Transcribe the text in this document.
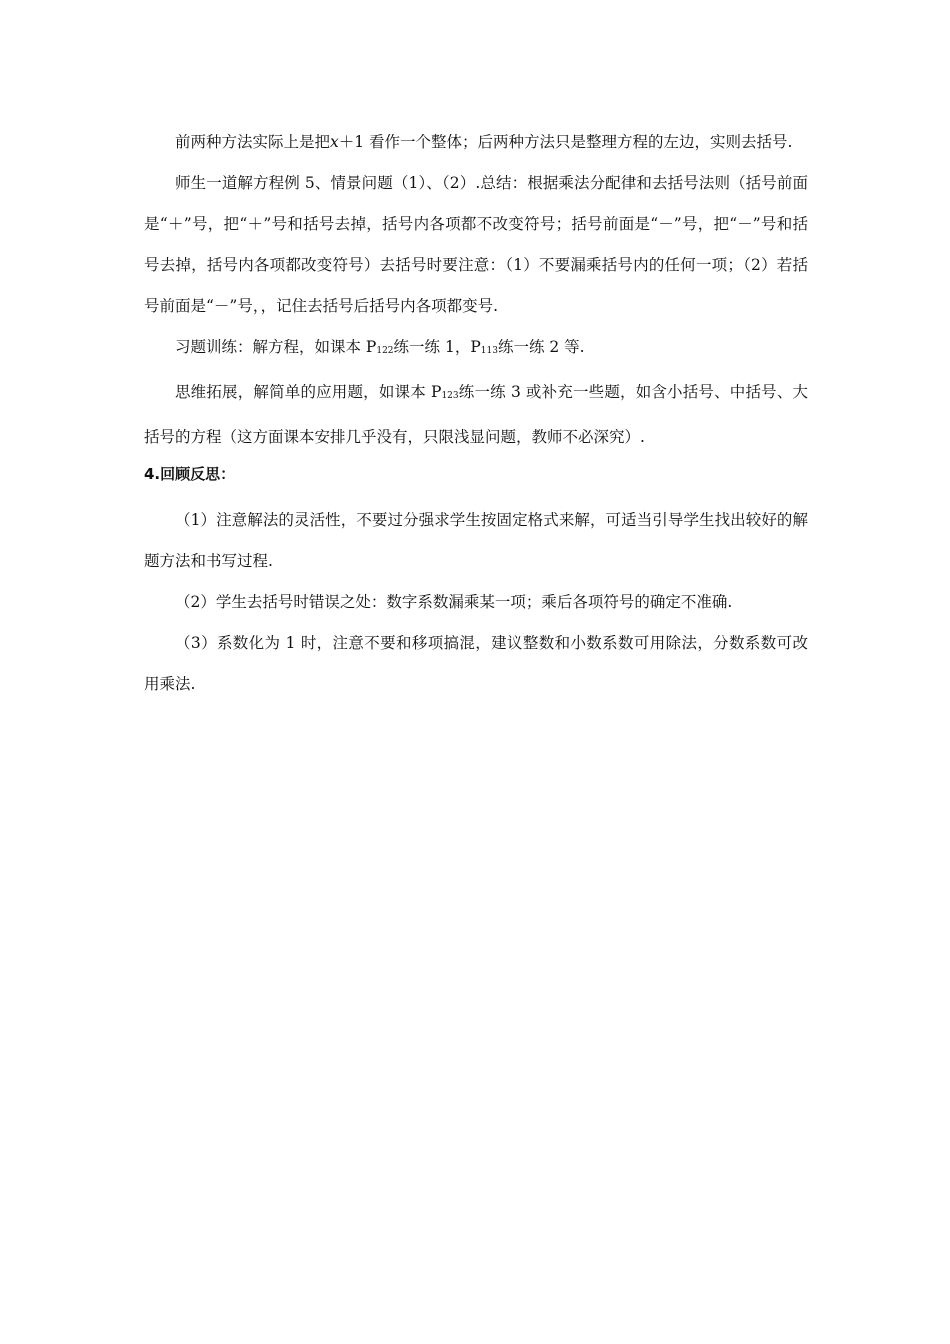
前两种方法实际上是把x＋1 看作一个整体；后两种方法只是整理方程的左边，实则去括号.

师生一道解方程例 5、情景问题（1）、（2）.总结：根据乘法分配律和去括号法则（括号前面是“＋”号，把“＋”号和括号去掉，括号内各项都不改变符号；括号前面是“－”号，把“－”号和括号去掉，括号内各项都改变符号）去括号时要注意：（1）不要漏乘括号内的任何一项；（2）若括号前面是“－”号，，记住去括号后括号内各项都变号.

习题训练：解方程，如课本 P122练一练 1，P113练一练 2 等.

思维拓展，解简单的应用题，如课本 P123练一练 3 或补充一些题，如含小括号、中括号、大括号的方程（这方面课本安排几乎没有，只限浅显问题，教师不必深究）.

4.回顾反思：

（1）注意解法的灵活性，不要过分强求学生按固定格式来解，可适当引导学生找出较好的解题方法和书写过程.

（2）学生去括号时错误之处：数字系数漏乘某一项；乘后各项符号的确定不准确.

（3）系数化为 1 时，注意不要和移项搞混，建议整数和小数系数可用除法，分数系数可改用乘法.
